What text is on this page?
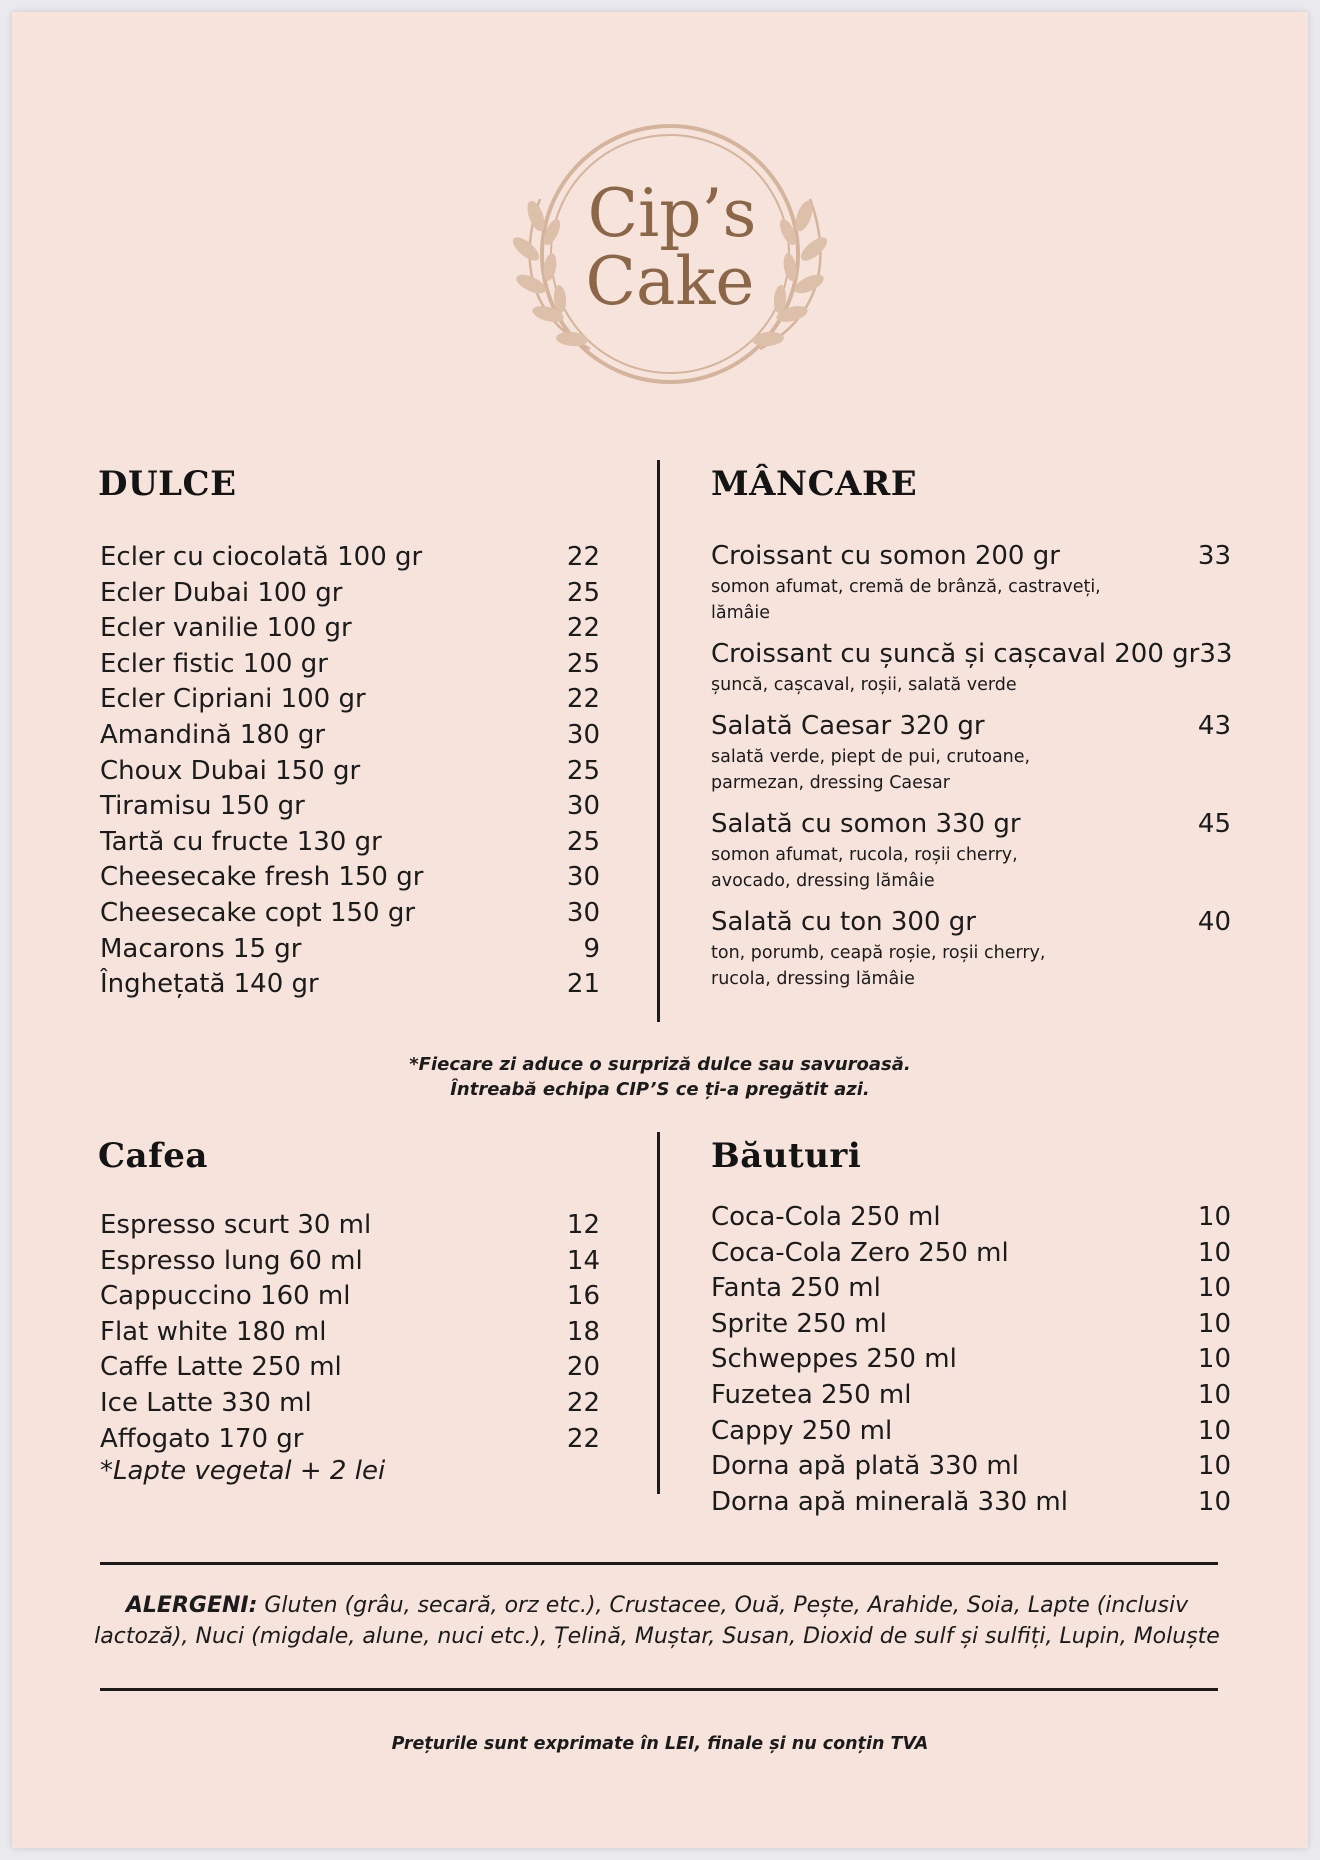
Cip’s
Cake
DULCE
Ecler cu ciocolată 100 gr	22
Ecler Dubai 100 gr	25
Ecler vanilie 100 gr	22
Ecler fistic 100 gr	25
Ecler Cipriani 100 gr	22
Amandină 180 gr	30
Choux Dubai 150 gr	25
Tiramisu 150 gr	30
Tartă cu fructe 130 gr	25
Cheesecake fresh 150 gr	30
Cheesecake copt 150 gr	30
Macarons 15 gr	9
Înghețată 140 gr	21
MÂNCARE
Croissant cu somon 200 gr	33
somon afumat, cremă de brânză, castraveți, lămâie
Croissant cu șuncă și cașcaval 200 gr 33
șuncă, cașcaval, roșii, salată verde
Salată Caesar 320 gr	43
salată verde, piept de pui, crutoane, parmezan, dressing Caesar
Salată cu somon 330 gr	45
somon afumat, rucola, roșii cherry, avocado, dressing lămâie
Salată cu ton 300 gr	40
ton, porumb, ceapă roșie, roșii cherry, rucola, dressing lămâie
*Fiecare zi aduce o surpriză dulce sau savuroasă.
Întreabă echipa CIP’S ce ți-a pregătit azi.
Cafea
Espresso scurt 30 ml	12
Espresso lung 60 ml	14
Cappuccino 160 ml	16
Flat white 180 ml	18
Caffe Latte 250 ml	20
Ice Latte 330 ml	22
Affogato 170 gr	22
*Lapte vegetal + 2 lei
Băuturi
Coca-Cola 250 ml	10
Coca-Cola Zero 250 ml	10
Fanta 250 ml	10
Sprite 250 ml	10
Schweppes 250 ml	10
Fuzetea 250 ml	10
Cappy 250 ml	10
Dorna apă plată 330 ml	10
Dorna apă minerală 330 ml	10
ALERGENI: Gluten (grâu, secară, orz etc.), Crustacee, Ouă, Pește, Arahide, Soia, Lapte (inclusiv lactoză), Nuci (migdale, alune, nuci etc.), Țelină, Muștar, Susan, Dioxid de sulf și sulfiți, Lupin, Moluște
Prețurile sunt exprimate în LEI, finale și nu conțin TVA
